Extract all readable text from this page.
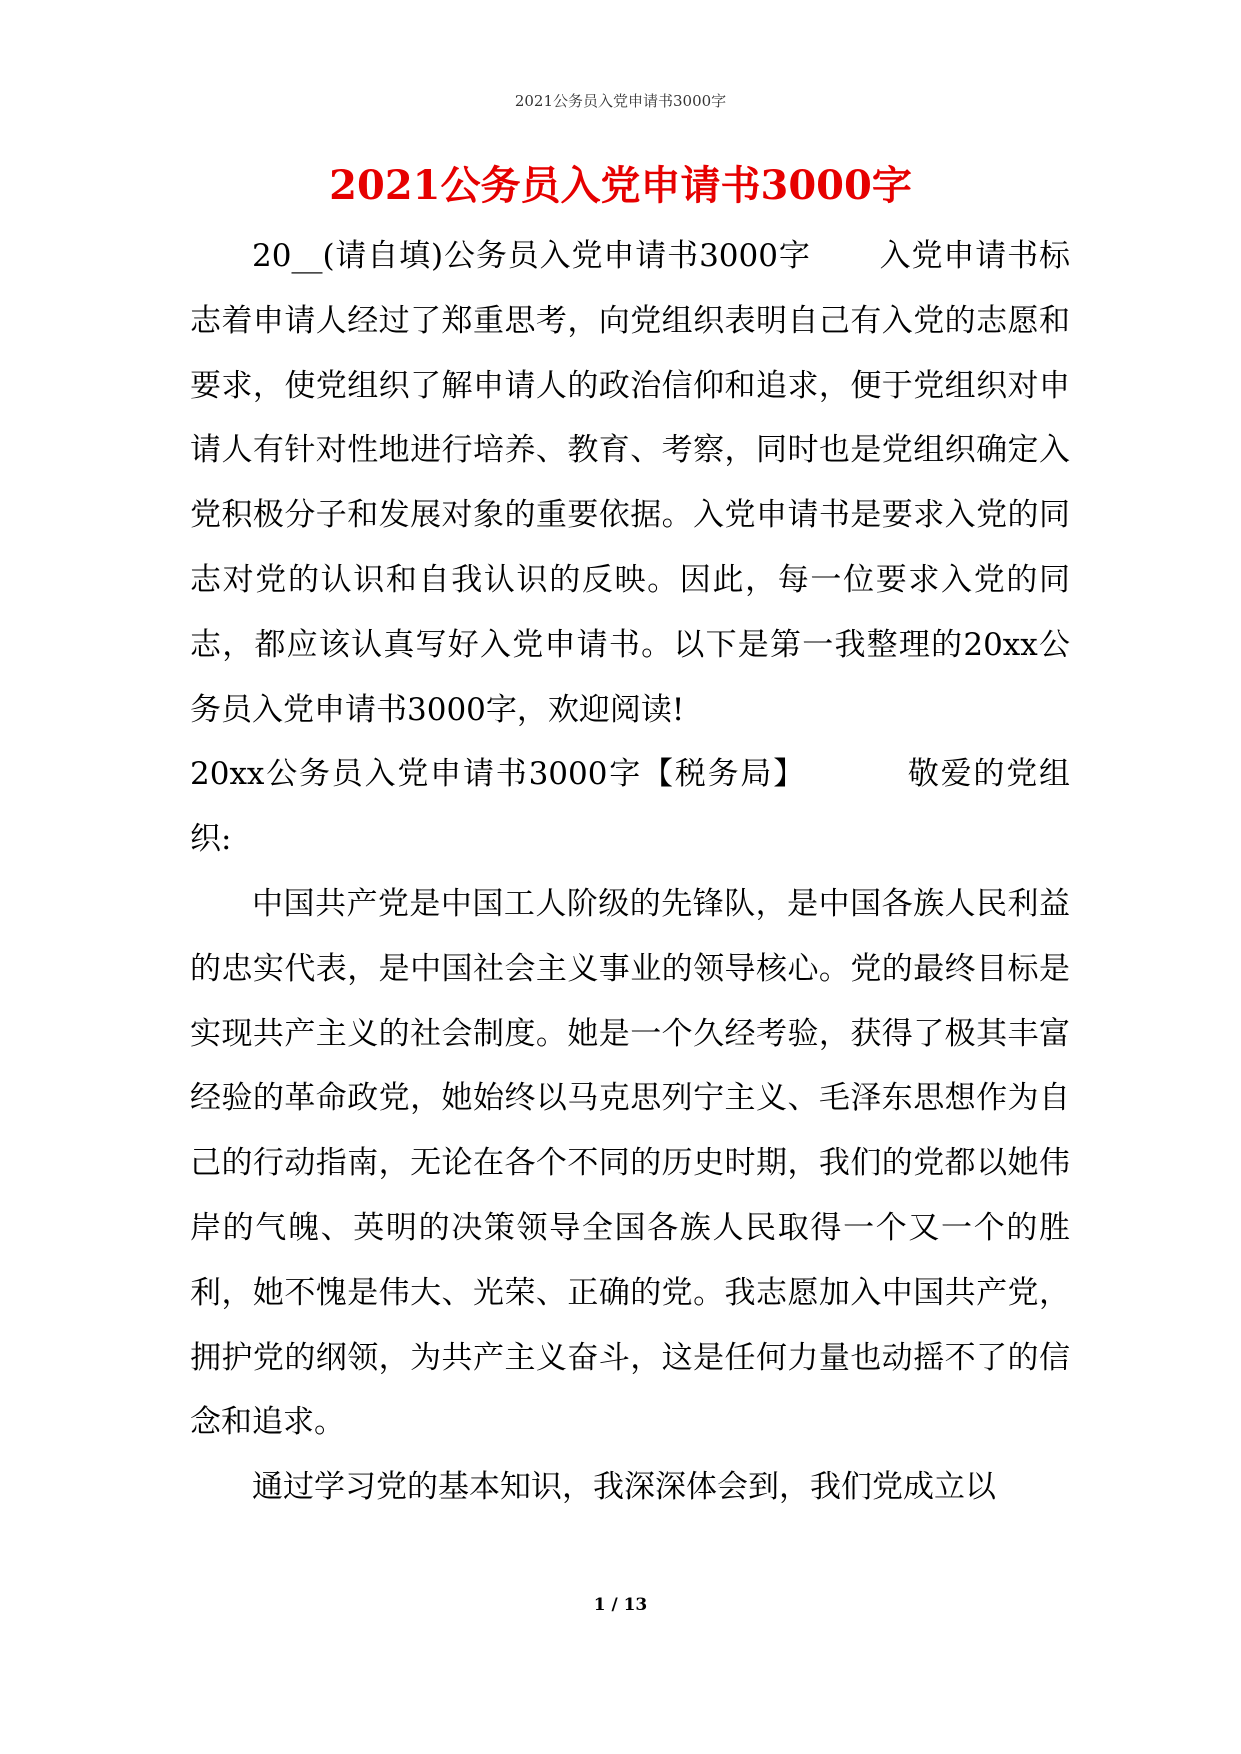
2021公务员入党申请书3000字
2021公务员入党申请书3000字

20__(请自填)公务员入党申请书3000字 入党申请书标志着申请人经过了郑重思考，向党组织表明自己有入党的志愿和要求，使党组织了解申请人的政治信仰和追求，便于党组织对申请人有针对性地进行培养、教育、考察，同时也是党组织确定入党积极分子和发展对象的重要依据。入党申请书是要求入党的同志对党的认识和自我认识的反映。因此，每一位要求入党的同志，都应该认真写好入党申请书。以下是第一我整理的20xx公务员入党申请书3000字，欢迎阅读!

20xx公务员入党申请书3000字【税务局】	敬爱的党组织:

中国共产党是中国工人阶级的先锋队，是中国各族人民利益的忠实代表，是中国社会主义事业的领导核心。党的最终目标是实现共产主义的社会制度。她是一个久经考验，获得了极其丰富经验的革命政党，她始终以马克思列宁主义、毛泽东思想作为自己的行动指南，无论在各个不同的历史时期，我们的党都以她伟岸的气魄、英明的决策领导全国各族人民取得一个又一个的胜利，她不愧是伟大、光荣、正确的党。我志愿加入中国共产党，拥护党的纲领，为共产主义奋斗，这是任何力量也动摇不了的信念和追求。

通过学习党的基本知识，我深深体会到，我们党成立以

1 / 13
